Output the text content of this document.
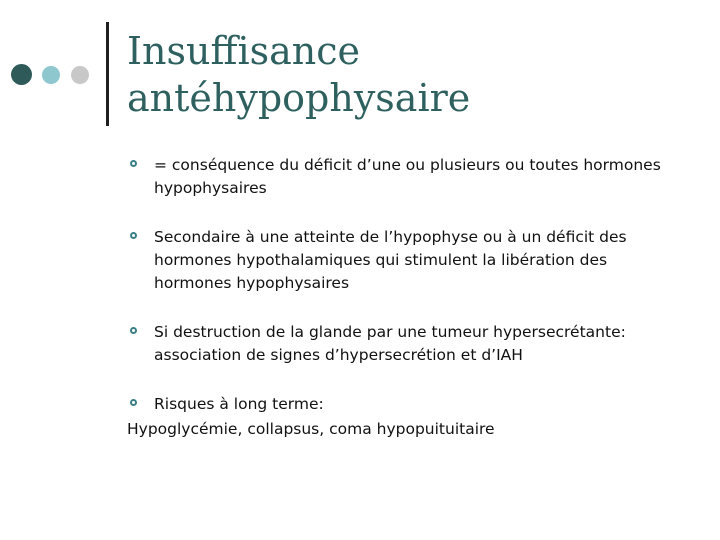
Insuffisance
antéhypophysaire
= conséquence du déficit d’une ou plusieurs ou toutes hormones hypophysaires
Secondaire à une atteinte de l’hypophyse ou à un déficit des hormones hypothalamiques qui stimulent la libération des hormones hypophysaires
Si destruction de la glande par une tumeur hypersecrétante: association de signes d’hypersecrétion et d’IAH
Risques à long terme:
Hypoglycémie, collapsus, coma hypopuituitaire
